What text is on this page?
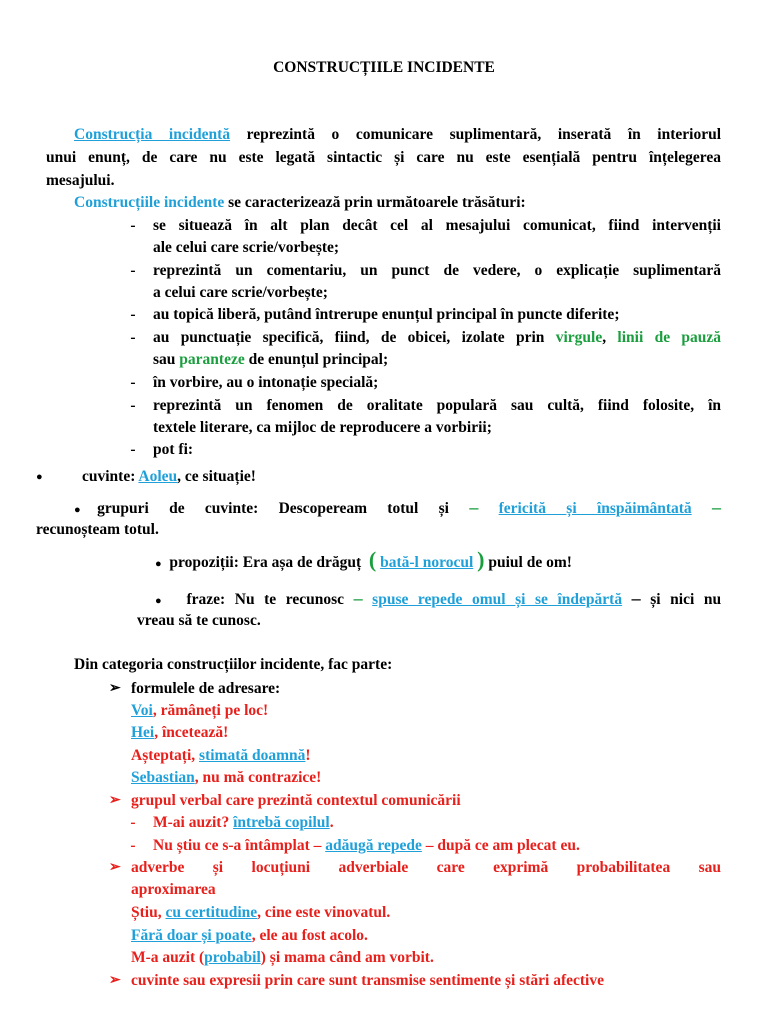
CONSTRUCȚIILE INCIDENTE
Construcția incidentă reprezintă o comunicare suplimentară, inserată în interiorul
unui enunț, de care nu este legată sintactic și care nu este esențială pentru înțelegerea
mesajului.
Construcțiile incidente se caracterizează prin următoarele trăsături:
- se situează în alt plan decât cel al mesajului comunicat, fiind intervenții
ale celui care scrie/vorbește;
- reprezintă un comentariu, un punct de vedere, o explicație suplimentară
a celui care scrie/vorbește;
- au topică liberă, putând întrerupe enunțul principal în puncte diferite;
- au punctuație specifică, fiind, de obicei, izolate prin virgule, linii de pauză
sau paranteze de enunțul principal;
- în vorbire, au o intonație specială;
- reprezintă un fenomen de oralitate populară sau cultă, fiind folosite, în
textele literare, ca mijloc de reproducere a vorbirii;
- pot fi:
●	cuvinte: Aoleu, ce situație!
●grupuri de cuvinte: Descopeream totul și – fericită și înspăimântată –
recunoșteam totul.
● propoziții: Era așa de drăguț ( bată-l norocul ) puiul de om!
● fraze: Nu te recunosc – spuse repede omul și se îndepărtă – și nici nu
vreau să te cunosc.
Din categoria construcțiilor incidente, fac parte:
➢ formulele de adresare:
Voi, rămâneți pe loc!
Hei, încetează!
Așteptați, stimată doamnă!
Sebastian, nu mă contrazice!
➢ grupul verbal care prezintă contextul comunicării
- M-ai auzit? întrebă copilul.
- Nu știu ce s-a întâmplat – adăugă repede – după ce am plecat eu.
➢ adverbe și locuțiuni adverbiale care exprimă probabilitatea sau
aproximarea
Știu, cu certitudine, cine este vinovatul.
Fără doar și poate, ele au fost acolo.
M-a auzit (probabil) și mama când am vorbit.
➢ cuvinte sau expresii prin care sunt transmise sentimente și stări afective
